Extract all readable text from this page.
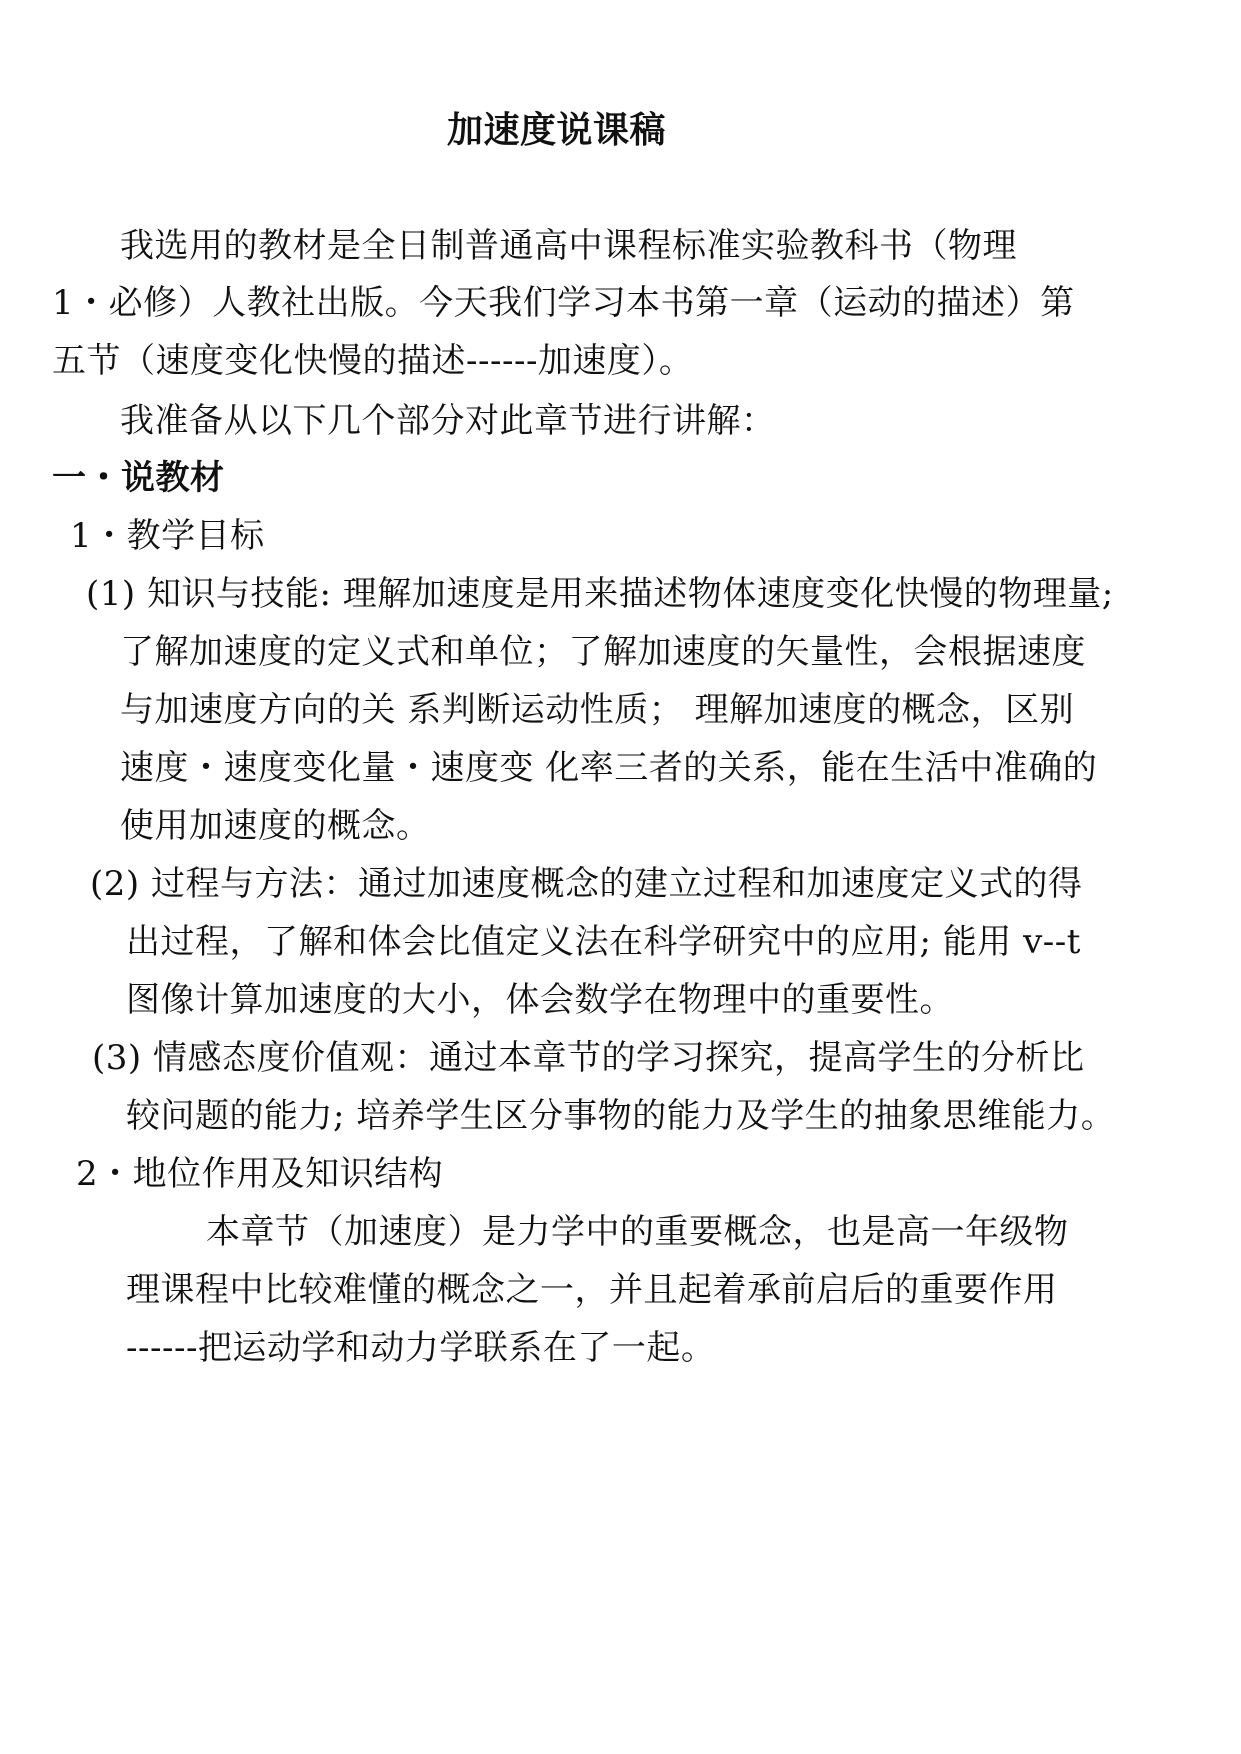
加速度说课稿
我选用的教材是全日制普通高中课程标准实验教科书（物理
1・必修）人教社出版。今天我们学习本书第一章（运动的描述）第
五节（速度变化快慢的描述------加速度）。
我准备从以下几个部分对此章节进行讲解：
一・说教材
1・教学目标
(1) 知识与技能: 理解加速度是用来描述物体速度变化快慢的物理量;
了解加速度的定义式和单位；了解加速度的矢量性，会根据速度
与加速度方向的关 系判断运动性质； 理解加速度的概念，区别
速度・速度变化量・速度变 化率三者的关系，能在生活中准确的
使用加速度的概念。
(2) 过程与方法：通过加速度概念的建立过程和加速度定义式的得
出过程，了解和体会比值定义法在科学研究中的应用; 能用 v--t
图像计算加速度的大小，体会数学在物理中的重要性。
(3) 情感态度价值观：通过本章节的学习探究，提高学生的分析比
较问题的能力; 培养学生区分事物的能力及学生的抽象思维能力。
2・地位作用及知识结构
本章节（加速度）是力学中的重要概念，也是高一年级物
理课程中比较难懂的概念之一，并且起着承前启后的重要作用
------把运动学和动力学联系在了一起。
